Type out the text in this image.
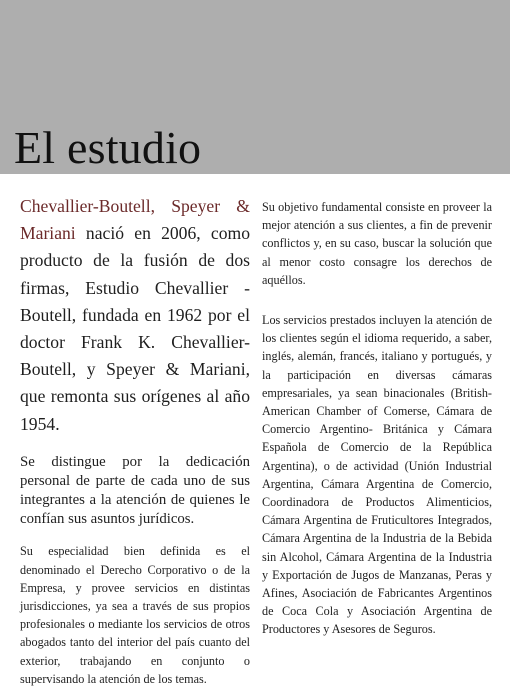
El estudio

Chevallier-Boutell, Speyer & Mariani nació en 2006, como producto de la fusión de dos firmas, Estudio Chevallier - Boutell, fundada en 1962 por el doctor Frank K. Chevallier-Boutell, y Speyer & Mariani, que remonta sus orígenes al año 1954.

Se distingue por la dedicación personal de parte de cada uno de sus integrantes a la atención de quienes le confían sus asuntos jurídicos.

Su especialidad bien definida es el denominado el Derecho Corporativo o de la Empresa, y provee servicios en distintas jurisdicciones, ya sea a través de sus propios profesionales o mediante los servicios de otros abogados tanto del interior del país cuanto del exterior, trabajando en conjunto o supervisando la atención de los temas.

Su objetivo fundamental consiste en proveer la mejor atención a sus clientes, a fin de prevenir conflictos y, en su caso, buscar la solución que al menor costo consagre los derechos de aquéllos.

Los servicios prestados incluyen la atención de los clientes según el idioma requerido, a saber, inglés, alemán, francés, italiano y portugués, y la participación en diversas cámaras empresariales, ya sean binacionales (British-American Chamber of Comerse, Cámara de Comercio Argentino- Británica y Cámara Española de Comercio de la República Argentina), o de actividad (Unión Industrial Argentina, Cámara Argentina de Comercio, Coordinadora de Productos Alimenticios, Cámara Argentina de Fruticultores Integrados, Cámara Argentina de la Industria de la Bebida sin Alcohol, Cámara Argentina de la Industria y Exportación de Jugos de Manzanas, Peras y Afines, Asociación de Fabricantes Argentinos de Coca Cola y Asociación Argentina de Productores y Asesores de Seguros.
